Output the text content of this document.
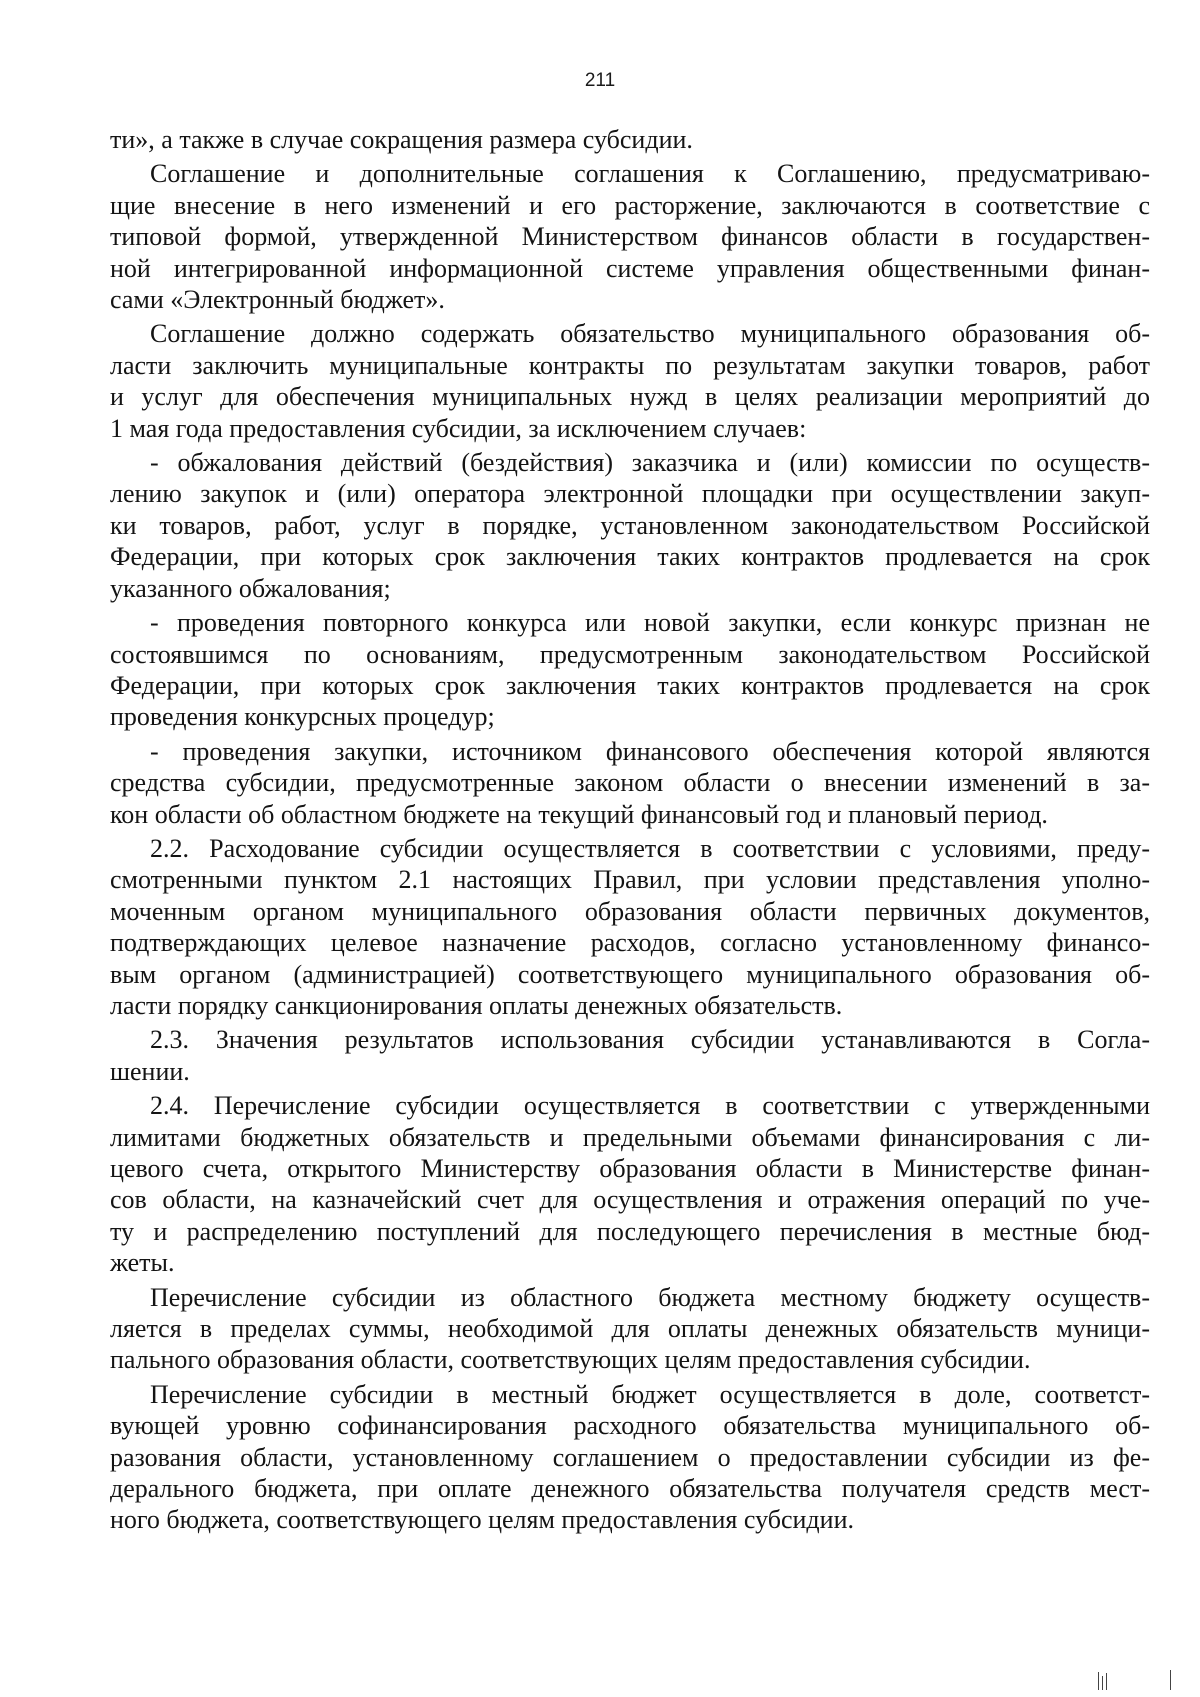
211
ти», а также в случае сокращения размера субсидии.
Соглашение и дополнительные соглашения к Соглашению, предусматриваю-
щие внесение в него изменений и его расторжение, заключаются в соответствие с
типовой формой, утвержденной Министерством финансов области в государствен-
ной интегрированной информационной системе управления общественными финан-
сами «Электронный бюджет».
Соглашение должно содержать обязательство муниципального образования об-
ласти заключить муниципальные контракты по результатам закупки товаров, работ
и услуг для обеспечения муниципальных нужд в целях реализации мероприятий до
1 мая года предоставления субсидии, за исключением случаев:
- обжалования действий (бездействия) заказчика и (или) комиссии по осуществ-
лению закупок и (или) оператора электронной площадки при осуществлении закуп-
ки товаров, работ, услуг в порядке, установленном законодательством Российской
Федерации, при которых срок заключения таких контрактов продлевается на срок
указанного обжалования;
- проведения повторного конкурса или новой закупки, если конкурс признан не
состоявшимся по основаниям, предусмотренным законодательством Российской
Федерации, при которых срок заключения таких контрактов продлевается на срок
проведения конкурсных процедур;
- проведения закупки, источником финансового обеспечения которой являются
средства субсидии, предусмотренные законом области о внесении изменений в за-
кон области об областном бюджете на текущий финансовый год и плановый период.
2.2. Расходование субсидии осуществляется в соответствии с условиями, преду-
смотренными пунктом 2.1 настоящих Правил, при условии представления уполно-
моченным органом муниципального образования области первичных документов,
подтверждающих целевое назначение расходов, согласно установленному финансо-
вым органом (администрацией) соответствующего муниципального образования об-
ласти порядку санкционирования оплаты денежных обязательств.
2.3. Значения результатов использования субсидии устанавливаются в Согла-
шении.
2.4. Перечисление субсидии осуществляется в соответствии с утвержденными
лимитами бюджетных обязательств и предельными объемами финансирования с ли-
цевого счета, открытого Министерству образования области в Министерстве финан-
сов области, на казначейский счет для осуществления и отражения операций по уче-
ту и распределению поступлений для последующего перечисления в местные бюд-
жеты.
Перечисление субсидии из областного бюджета местному бюджету осуществ-
ляется в пределах суммы, необходимой для оплаты денежных обязательств муници-
пального образования области, соответствующих целям предоставления субсидии.
Перечисление субсидии в местный бюджет осуществляется в доле, соответст-
вующей уровню софинансирования расходного обязательства муниципального об-
разования области, установленному соглашением о предоставлении субсидии из фе-
дерального бюджета, при оплате денежного обязательства получателя средств мест-
ного бюджета, соответствующего целям предоставления субсидии.
